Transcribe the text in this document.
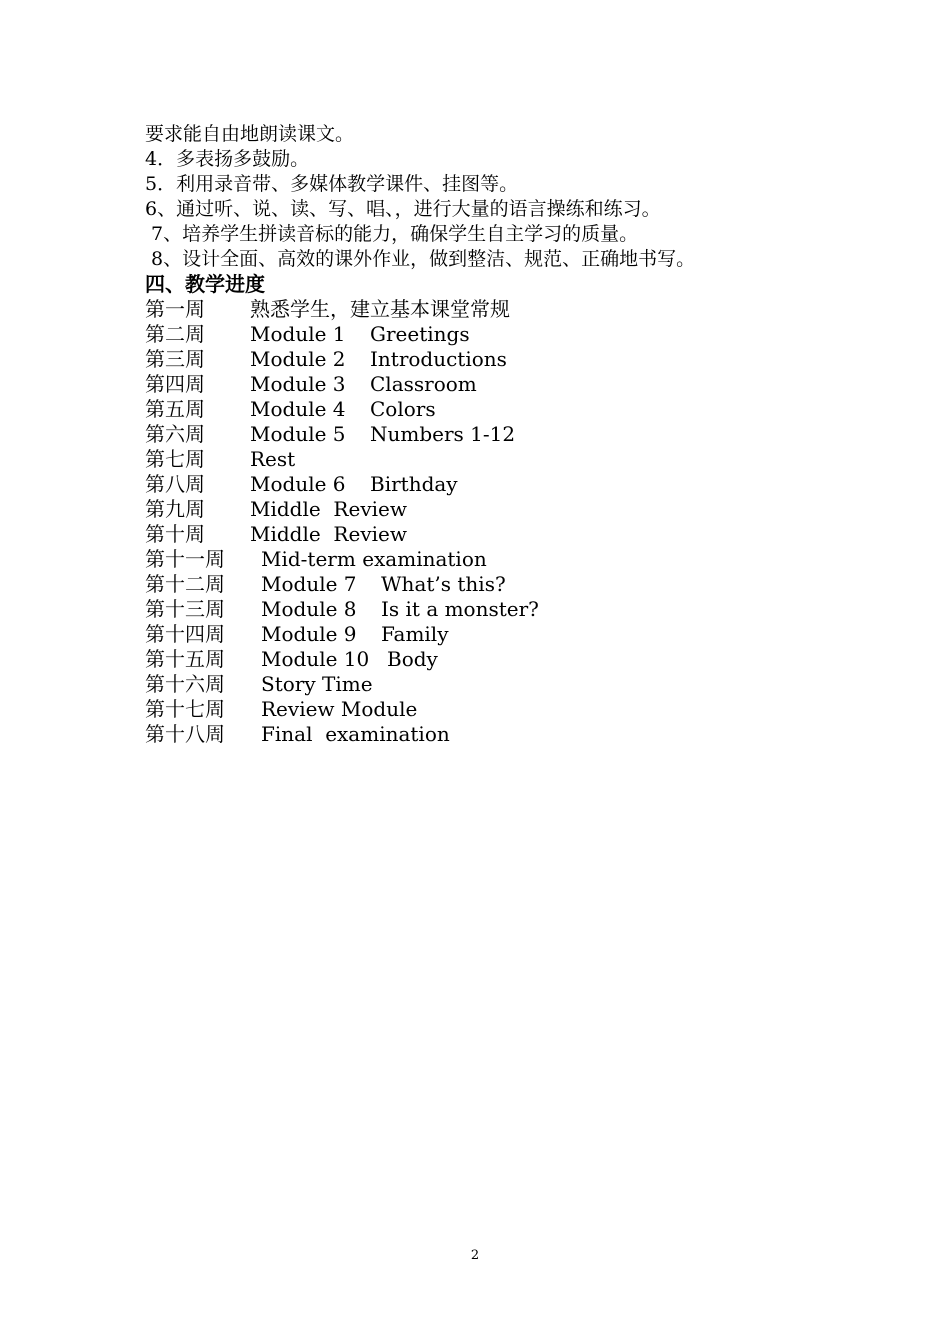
要求能自由地朗读课文。
4．多表扬多鼓励。
5．利用录音带、多媒体教学课件、挂图等。
6、通过听、说、读、写、唱、，进行大量的语言操练和练习。
7、培养学生拼读音标的能力，确保学生自主学习的质量。
8、设计全面、高效的课外作业，做到整洁、规范、正确地书写。
四、教学进度

第一周

熟悉学生，建立基本课堂常规

第二周

Module 1

Greetings

第三周

Module 2

Introductions

第四周

Module 3

Classroom

第五周

Module 4

Colors

第六周

Module 5

Numbers 1-12

第七周

Rest

第八周

Module 6

Birthday

第九周

Middle  Review

第十周

Middle  Review

第十一周

Mid-term examination

第十二周

Module 7

What’s this?

第十三周

Module 8

Is it a monster?

第十四周

Module 9

Family

第十五周

Module 10

Body

第十六周

Story Time

第十七周

Review Module

第十八周

Final  examination

2
